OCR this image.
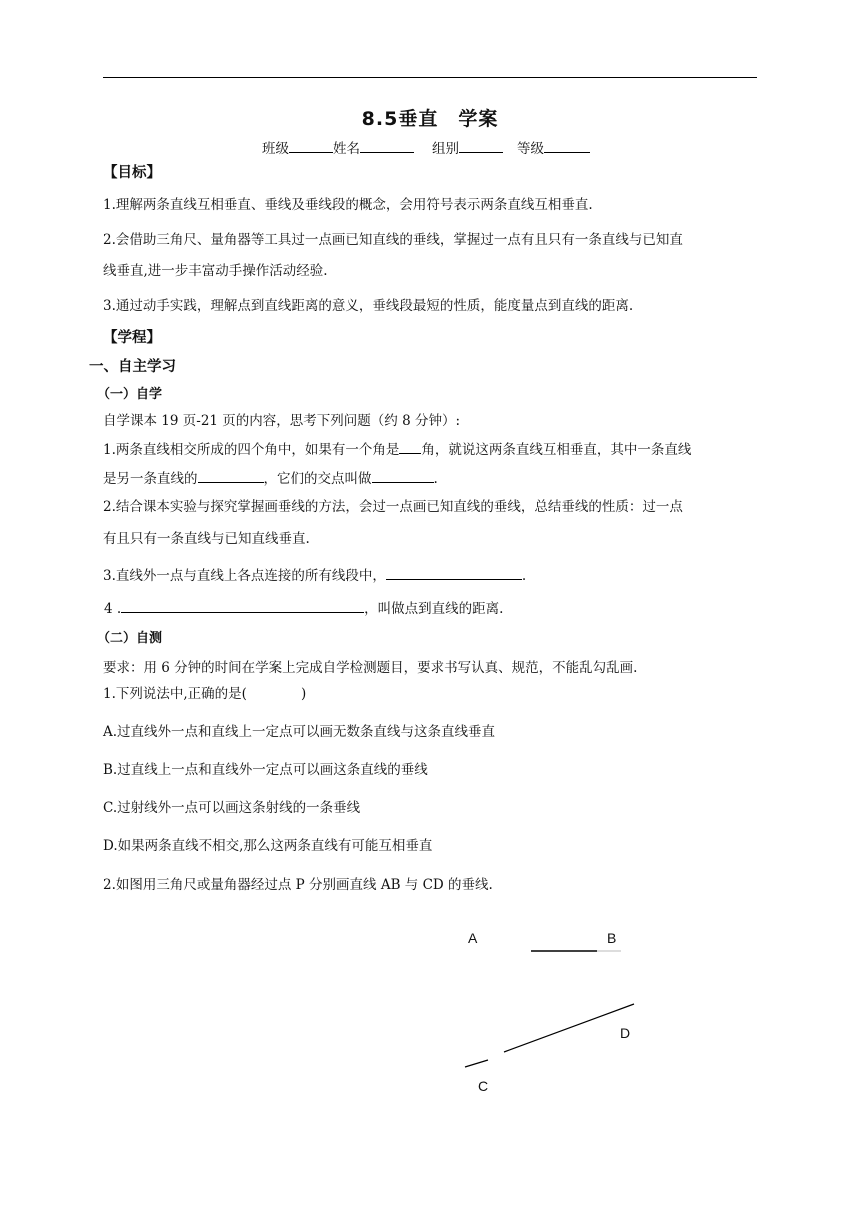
8.5垂直　学案
班级	姓名	组别	等级
【目标】
1.理解两条直线互相垂直、垂线及垂线段的概念，会用符号表示两条直线互相垂直.
2.会借助三角尺、量角器等工具过一点画已知直线的垂线，掌握过一点有且只有一条直线与已知直
线垂直,进一步丰富动手操作活动经验.
3.通过动手实践，理解点到直线距离的意义，垂线段最短的性质，能度量点到直线的距离.
【学程】
一、自主学习
（一）自学
自学课本 19 页-21 页的内容，思考下列问题（约 8 分钟）:
1.两条直线相交所成的四个角中，如果有一个角是 角，就说这两条直线互相垂直，其中一条直线
是另一条直线的	，它们的交点叫做	.
2.结合课本实验与探究掌握画垂线的方法，会过一点画已知直线的垂线，总结垂线的性质：过一点
有且只有一条直线与已知直线垂直.
3.直线外一点与直线上各点连接的所有线段中，	.
4 .	，叫做点到直线的距离.
（二）自测
要求：用 6 分钟的时间在学案上完成自学检测题目，要求书写认真、规范，不能乱勾乱画.
1.下列说法中,正确的是(　　　　)
A.过直线外一点和直线上一定点可以画无数条直线与这条直线垂直
B.过直线上一点和直线外一定点可以画这条直线的垂线
C.过射线外一点可以画这条射线的一条垂线
D.如果两条直线不相交,那么这两条直线有可能互相垂直
2.如图用三角尺或量角器经过点 P 分别画直线 AB 与 CD 的垂线.
A	B
D
C
